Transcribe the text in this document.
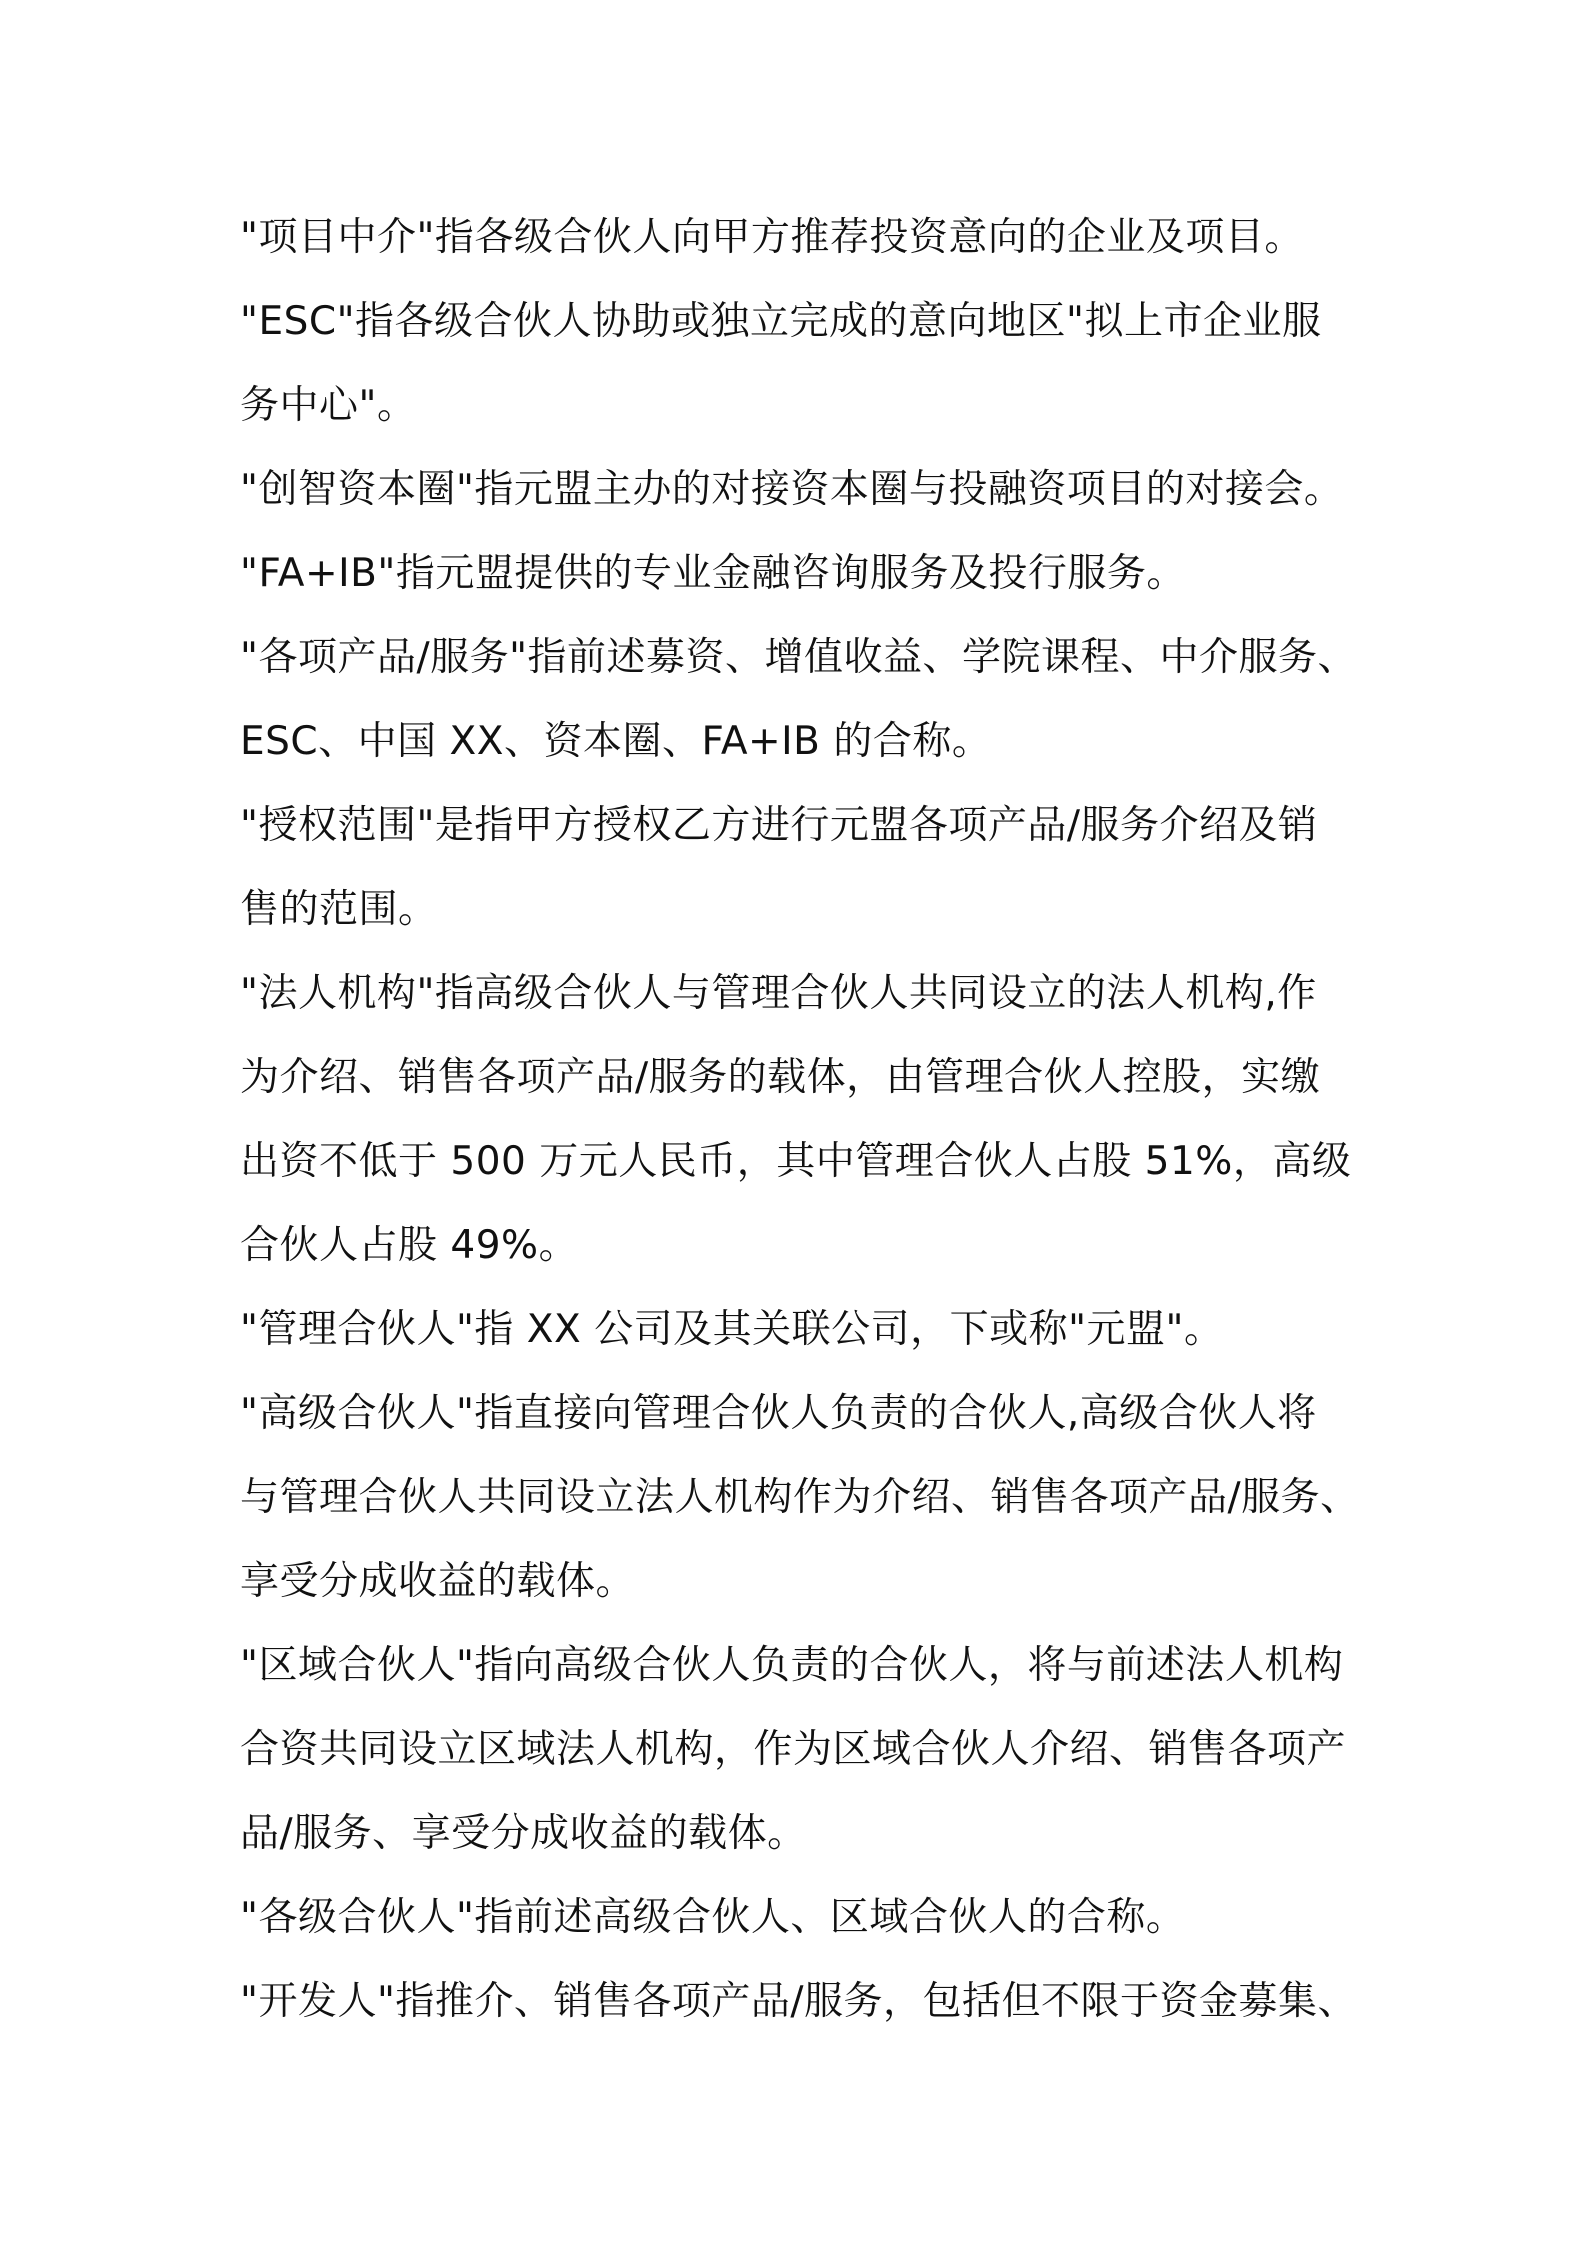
"项目中介"指各级合伙人向甲方推荐投资意向的企业及项目。
"ESC"指各级合伙人协助或独立完成的意向地区"拟上市企业服
务中心"。
"创智资本圈"指元盟主办的对接资本圈与投融资项目的对接会。
"FA+IB"指元盟提供的专业金融咨询服务及投行服务。
"各项产品/服务"指前述募资、增值收益、学院课程、中介服务、
ESC、中国 XX、资本圈、FA+IB 的合称。
"授权范围"是指甲方授权乙方进行元盟各项产品/服务介绍及销
售的范围。
"法人机构"指高级合伙人与管理合伙人共同设立的法人机构,作
为介绍、销售各项产品/服务的载体，由管理合伙人控股，实缴
出资不低于 500 万元人民币，其中管理合伙人占股 51%，高级
合伙人占股 49%。
"管理合伙人"指 XX 公司及其关联公司，下或称"元盟"。
"高级合伙人"指直接向管理合伙人负责的合伙人,高级合伙人将
与管理合伙人共同设立法人机构作为介绍、销售各项产品/服务、
享受分成收益的载体。
"区域合伙人"指向高级合伙人负责的合伙人，将与前述法人机构
合资共同设立区域法人机构，作为区域合伙人介绍、销售各项产
品/服务、享受分成收益的载体。
"各级合伙人"指前述高级合伙人、区域合伙人的合称。
"开发人"指推介、销售各项产品/服务，包括但不限于资金募集、
